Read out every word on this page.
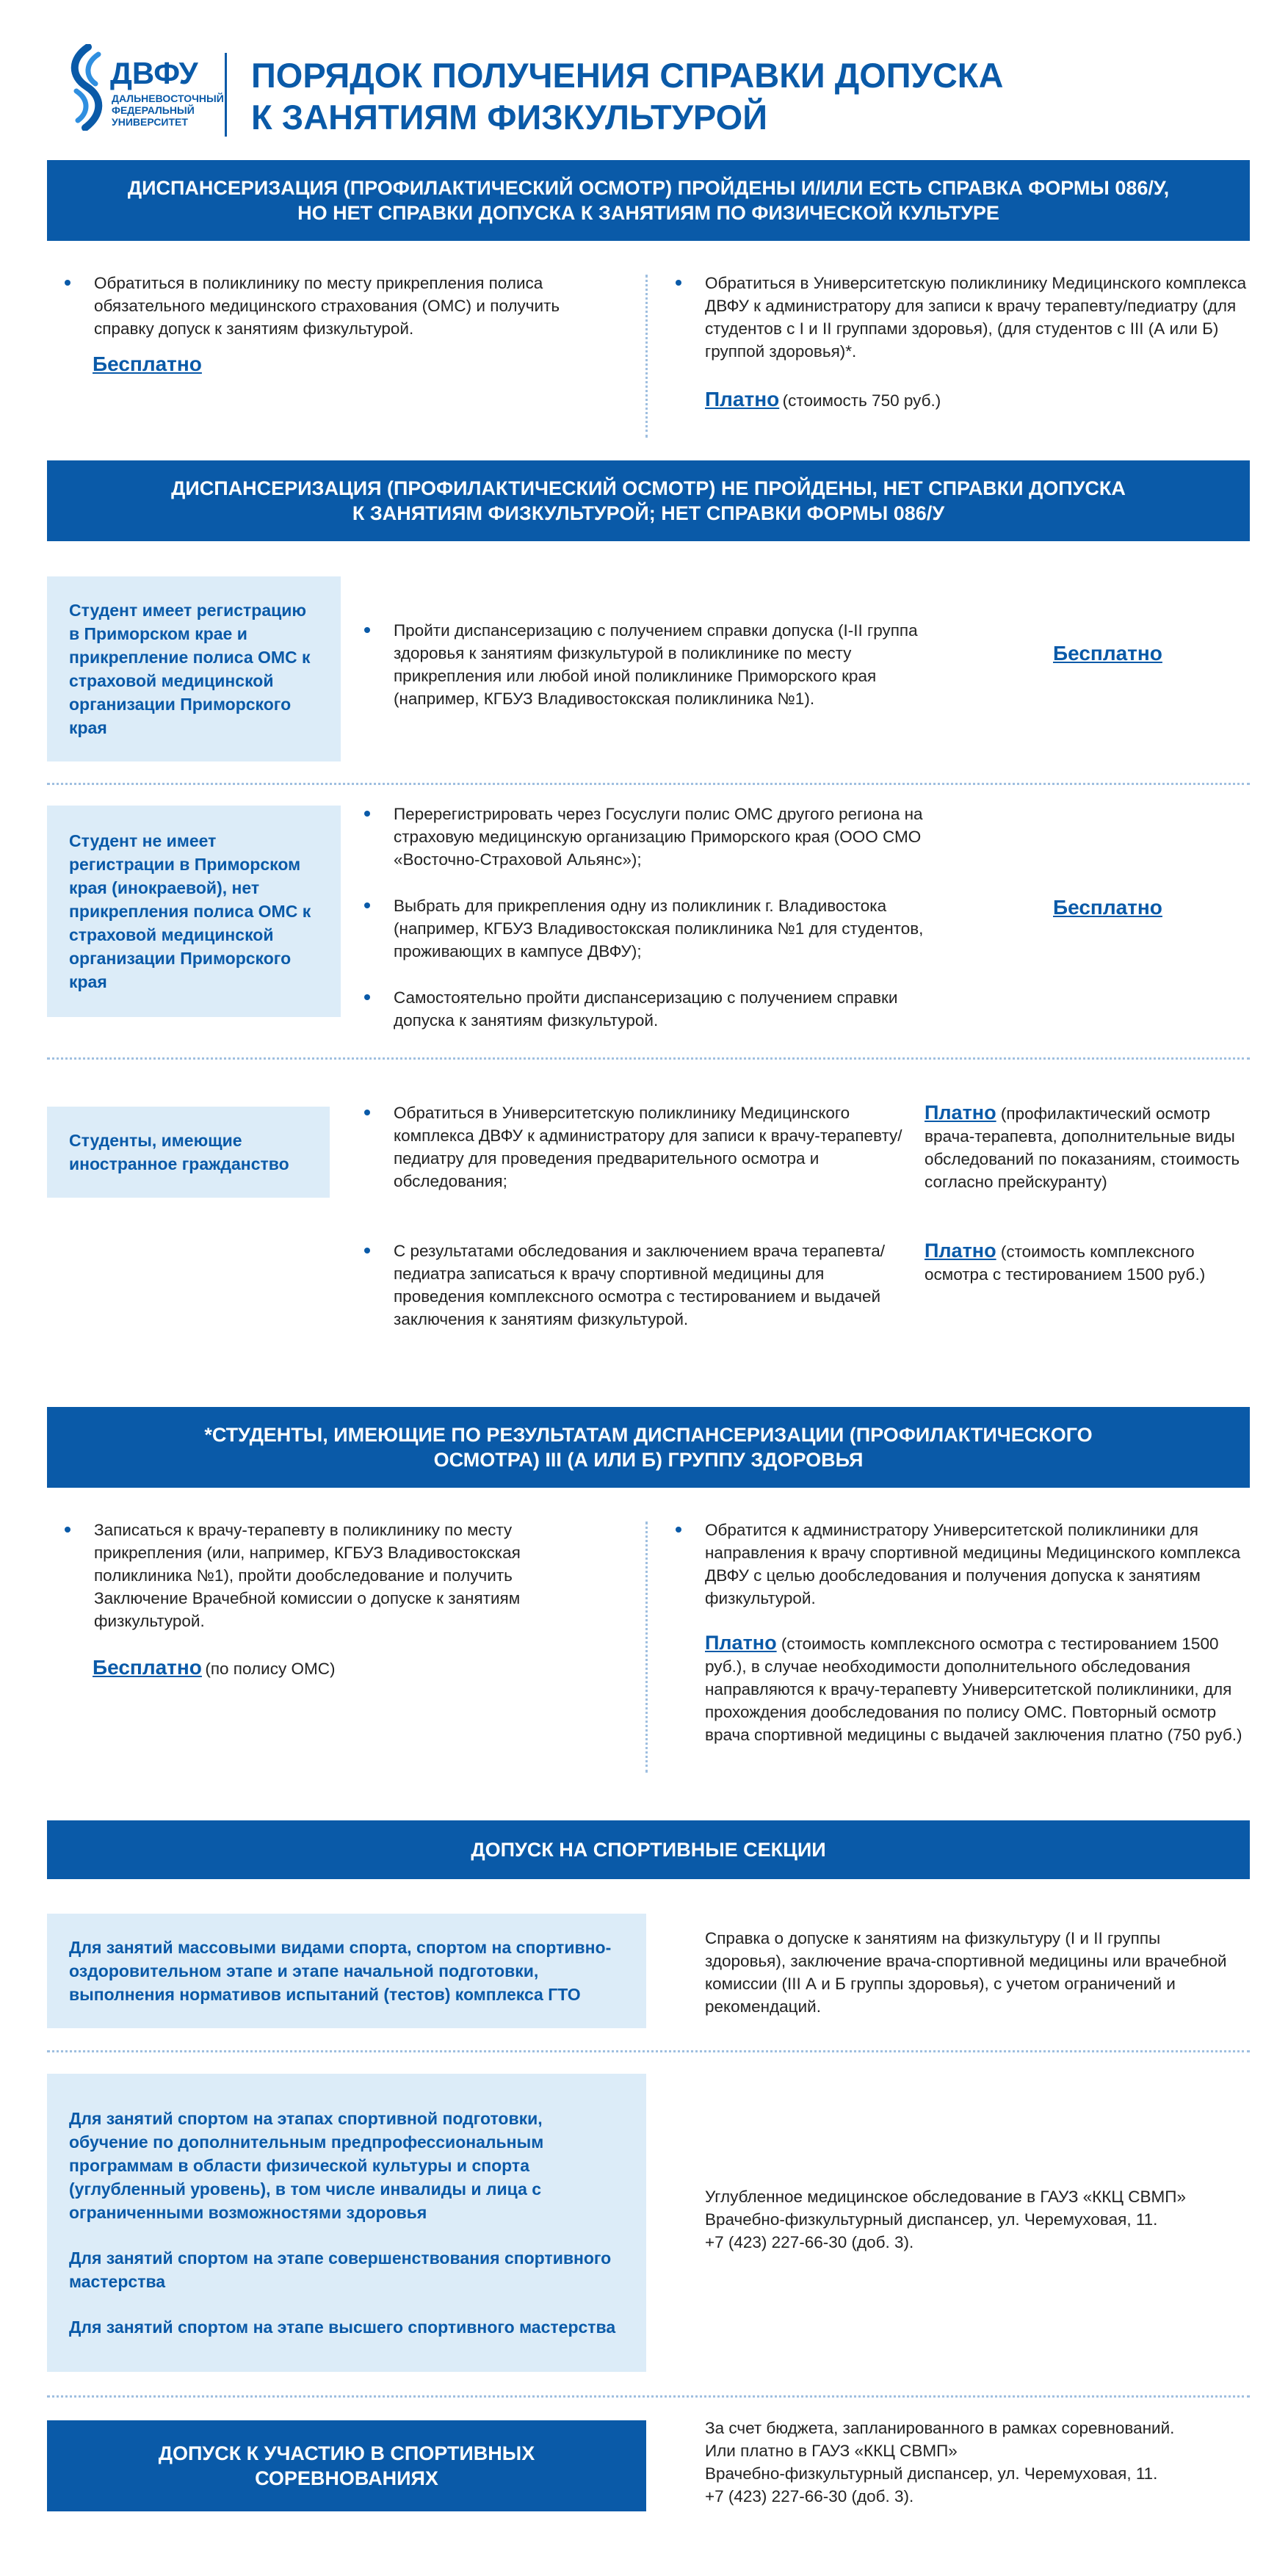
ДВФУ
ДАЛЬНЕВОСТОЧНЫЙ
ФЕДЕРАЛЬНЫЙ
УНИВЕРСИТЕТ
ПОРЯДОК ПОЛУЧЕНИЯ СПРАВКИ ДОПУСКА
К ЗАНЯТИЯМ ФИЗКУЛЬТУРОЙ
ДИСПАНСЕРИЗАЦИЯ (ПРОФИЛАКТИЧЕСКИЙ ОСМОТР) ПРОЙДЕНЫ И/ИЛИ ЕСТЬ СПРАВКА ФОРМЫ 086/У,
НО НЕТ СПРАВКИ ДОПУСКА К ЗАНЯТИЯМ ПО ФИЗИЧЕСКОЙ КУЛЬТУРЕ
Обратиться в поликлинику по месту прикрепления полиса обязательного медицинского страхования (ОМС) и получить справку допуск к занятиям физкультурой.
Бесплатно
Обратиться в Университетскую поликлинику Медицинского комплекса ДВФУ к администратору для записи к врачу терапевту/педиатру (для студентов с I и II группами здоровья), (для студентов с III (А или Б) группой здоровья)*.
Платно (стоимость 750 руб.)
ДИСПАНСЕРИЗАЦИЯ (ПРОФИЛАКТИЧЕСКИЙ ОСМОТР) НЕ ПРОЙДЕНЫ, НЕТ СПРАВКИ ДОПУСКА
К ЗАНЯТИЯМ ФИЗКУЛЬТУРОЙ; НЕТ СПРАВКИ ФОРМЫ 086/У
Студент имеет регистрацию в Приморском крае и прикрепление полиса ОМС к страховой медицинской организации Приморского края
Пройти диспансеризацию с получением справки допуска (I-II группа здоровья к занятиям физкультурой в поликлинике по месту прикрепления или любой иной поликлинике Приморского края (например, КГБУЗ Владивостокская поликлиника №1).
Бесплатно
Студент не имеет регистрации в Приморском края (инокраевой), нет прикрепления полиса ОМС к страховой медицинской организации Приморского края
Перерегистрировать через Госуслуги полис ОМС другого региона на страховую медицинскую организацию Приморского края (ООО СМО «Восточно-Страховой Альянс»);
Выбрать для прикрепления одну из поликлиник г. Владивостока (например, КГБУЗ Владивостокская поликлиника №1 для студентов, проживающих в кампусе ДВФУ);
Самостоятельно пройти диспансеризацию с получением справки допуска к занятиям физкультурой.
Бесплатно
Студенты, имеющие иностранное гражданство
Обратиться в Университетскую поликлинику Медицинского комплекса ДВФУ к администратору для записи к врачу-терапевту/педиатру для проведения предварительного осмотра и обследования;
Платно (профилактический осмотр врача-терапевта, дополнительные виды обследований по показаниям, стоимость согласно прейскуранту)
С результатами обследования и заключением врача терапевта/педиатра записаться к врачу спортивной медицины для проведения комплексного осмотра с тестированием и выдачей заключения к занятиям физкультурой.
Платно (стоимость комплексного осмотра с тестированием 1500 руб.)
*СТУДЕНТЫ, ИМЕЮЩИЕ ПО РЕЗУЛЬТАТАМ ДИСПАНСЕРИЗАЦИИ (ПРОФИЛАКТИЧЕСКОГО
ОСМОТРА) III (А ИЛИ Б) ГРУППУ ЗДОРОВЬЯ
Записаться к врачу-терапевту в поликлинику по месту прикрепления (или, например, КГБУЗ Владивостокская поликлиника №1), пройти дообследование и получить Заключение Врачебной комиссии о допуске к занятиям физкультурой.
Бесплатно (по полису ОМС)
Обратится к администратору Университетской поликлиники для направления к врачу спортивной медицины Медицинского комплекса ДВФУ с целью дообследования и получения допуска к занятиям физкультурой.
Платно (стоимость комплексного осмотра с тестированием 1500 руб.), в случае необходимости дополнительного обследования направляются к врачу-терапевту Университетской поликлиники, для прохождения дообследования по полису ОМС. Повторный осмотр врача спортивной медицины с выдачей заключения платно (750 руб.)
ДОПУСК НА СПОРТИВНЫЕ СЕКЦИИ
Для занятий массовыми видами спорта, спортом на спортивно-оздоровительном этапе и этапе начальной подготовки, выполнения нормативов испытаний (тестов) комплекса ГТО
Справка о допуске к занятиям на физкультуру (I и II группы здоровья), заключение врача-спортивной медицины или врачебной комиссии (III А и Б группы здоровья), с учетом ограничений и рекомендаций.
Для занятий спортом на этапах спортивной подготовки, обучение по дополнительным предпрофессиональным программам в области физической культуры и спорта (углубленный уровень), в том числе инвалиды и лица с ограниченными возможностями здоровья
Для занятий спортом на этапе совершенствования спортивного мастерства
Для занятий спортом на этапе высшего спортивного мастерства
Углубленное медицинское обследование в ГАУЗ «ККЦ СВМП»
Врачебно-физкультурный диспансер, ул. Черемуховая, 11.
+7 (423) 227-66-30 (доб. 3).
ДОПУСК К УЧАСТИЮ В СПОРТИВНЫХ
СОРЕВНОВАНИЯХ
За счет бюджета, запланированного в рамках соревнований.
Или платно в ГАУЗ «ККЦ СВМП»
Врачебно-физкультурный диспансер, ул. Черемуховая, 11.
+7 (423) 227-66-30 (доб. 3).
